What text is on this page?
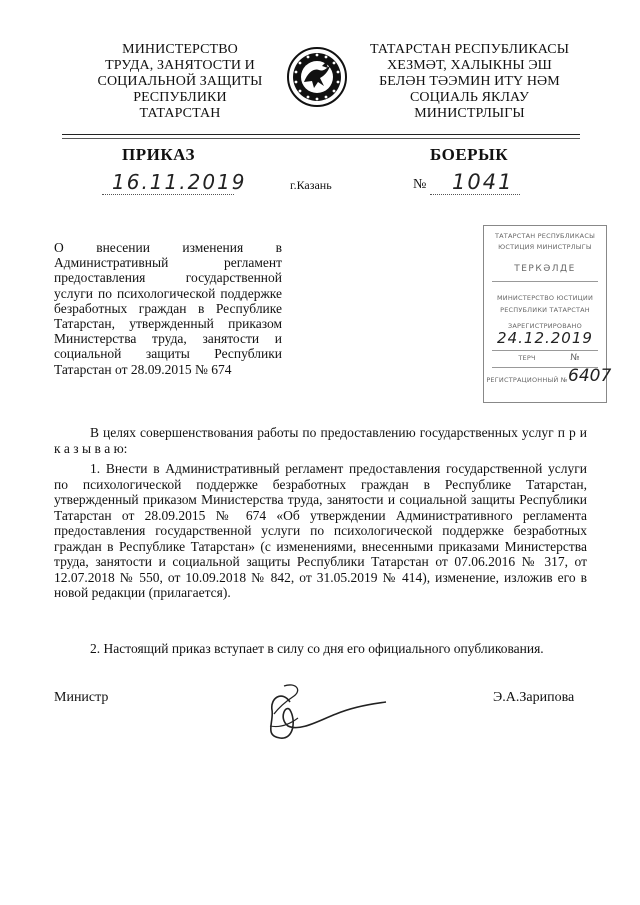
МИНИСТЕРСТВО
ТРУДА, ЗАНЯТОСТИ И
СОЦИАЛЬНОЙ ЗАЩИТЫ
РЕСПУБЛИКИ
ТАТАРСТАН
ТАТАРСТАН РЕСПУБЛИКАСЫ
ХЕЗМӘТ, ХАЛЫКНЫ ЭШ
БЕЛӘН ТӘЭМИН ИТҮ HӘМ
СОЦИАЛЬ ЯКЛАУ
МИНИСТРЛЫГЫ
ПРИКАЗ	БОЕРЫК
16.11.2019	г.Казань	№ 1041
О внесении изменения в Административный регламент предоставления государственной услуги по психологической поддержке безработных граждан в Республике Татарстан, утвержденный приказом Министерства труда, занятости и социальной защиты Республики Татарстан от 28.09.2015 № 674
ТАТАРСТАН РЕСПУБЛИКАСЫ
ЮСТИЦИЯ МИНИСТРЛЫГЫ
ТЕРКӘЛДЕ
МИНИСТЕРСТВО ЮСТИЦИИ
РЕСПУБЛИКИ ТАТАРСТАН
ЗАРЕГИСТРИРОВАНО
24.12.2019
ТЕРЧ	№
РЕГИСТРАЦИОННЫЙ № 6407
В целях совершенствования работы по предоставлению государственных услуг п р и к а з ы в а ю:
1. Внести в Административный регламент предоставления государственной услуги по психологической поддержке безработных граждан в Республике Татарстан, утвержденный приказом Министерства труда, занятости и социальной защиты Республики Татарстан от 28.09.2015 № 674 «Об утверждении Административного регламента предоставления государственной услуги по психологической поддержке безработных граждан в Республике Татарстан» (с изменениями, внесенными приказами Министерства труда, занятости и социальной защиты Республики Татарстан от 07.06.2016 № 317, от 12.07.2018 № 550, от 10.09.2018 № 842, от 31.05.2019 № 414), изменение, изложив его в новой редакции (прилагается).
2. Настоящий приказ вступает в силу со дня его официального опубликования.
Министр	Э.А.Зарипова
